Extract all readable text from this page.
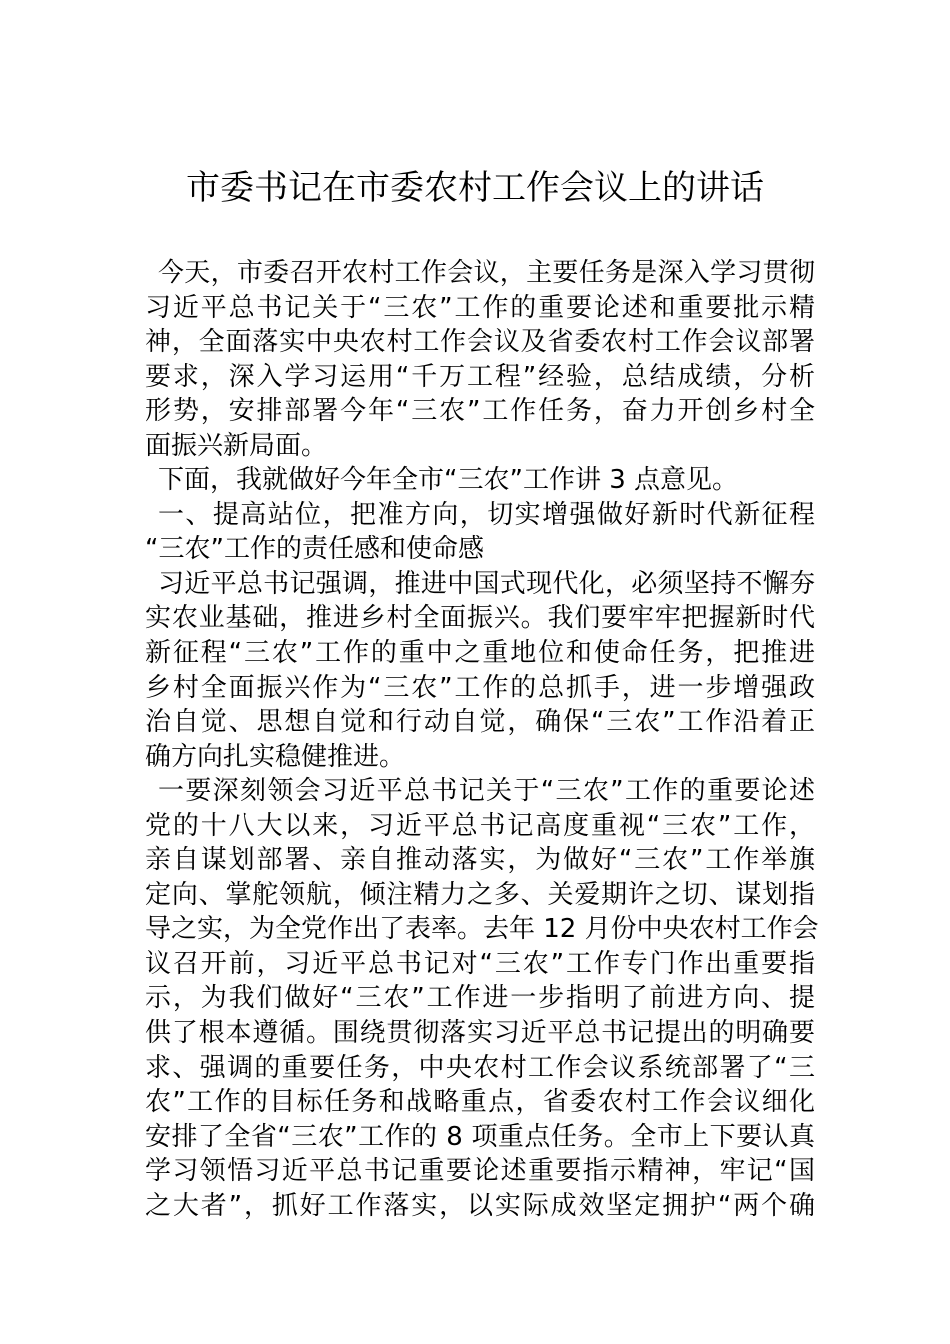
市委书记在市委农村工作会议上的讲话
今天，市委召开农村工作会议，主要任务是深入学习贯彻
习近平总书记关于“三农”工作的重要论述和重要批示精
神，全面落实中央农村工作会议及省委农村工作会议部署
要求，深入学习运用“千万工程”经验，总结成绩，分析
形势，安排部署今年“三农”工作任务，奋力开创乡村全
面振兴新局面。
下面，我就做好今年全市“三农”工作讲 3 点意见。
一、提高站位，把准方向，切实增强做好新时代新征程
“三农”工作的责任感和使命感
习近平总书记强调，推进中国式现代化，必须坚持不懈夯
实农业基础，推进乡村全面振兴。我们要牢牢把握新时代
新征程“三农”工作的重中之重地位和使命任务，把推进
乡村全面振兴作为“三农”工作的总抓手，进一步增强政
治自觉、思想自觉和行动自觉，确保“三农”工作沿着正
确方向扎实稳健推进。
一要深刻领会习近平总书记关于“三农”工作的重要论述
党的十八大以来，习近平总书记高度重视“三农”工作，
亲自谋划部署、亲自推动落实，为做好“三农”工作举旗
定向、掌舵领航，倾注精力之多、关爱期许之切、谋划指
导之实，为全党作出了表率。去年 12 月份中央农村工作会
议召开前，习近平总书记对“三农”工作专门作出重要指
示，为我们做好“三农”工作进一步指明了前进方向、提
供了根本遵循。围绕贯彻落实习近平总书记提出的明确要
求、强调的重要任务，中央农村工作会议系统部署了“三
农”工作的目标任务和战略重点，省委农村工作会议细化
安排了全省“三农”工作的 8 项重点任务。全市上下要认真
学习领悟习近平总书记重要论述重要指示精神，牢记“国
之大者”，抓好工作落实，以实际成效坚定拥护“两个确
